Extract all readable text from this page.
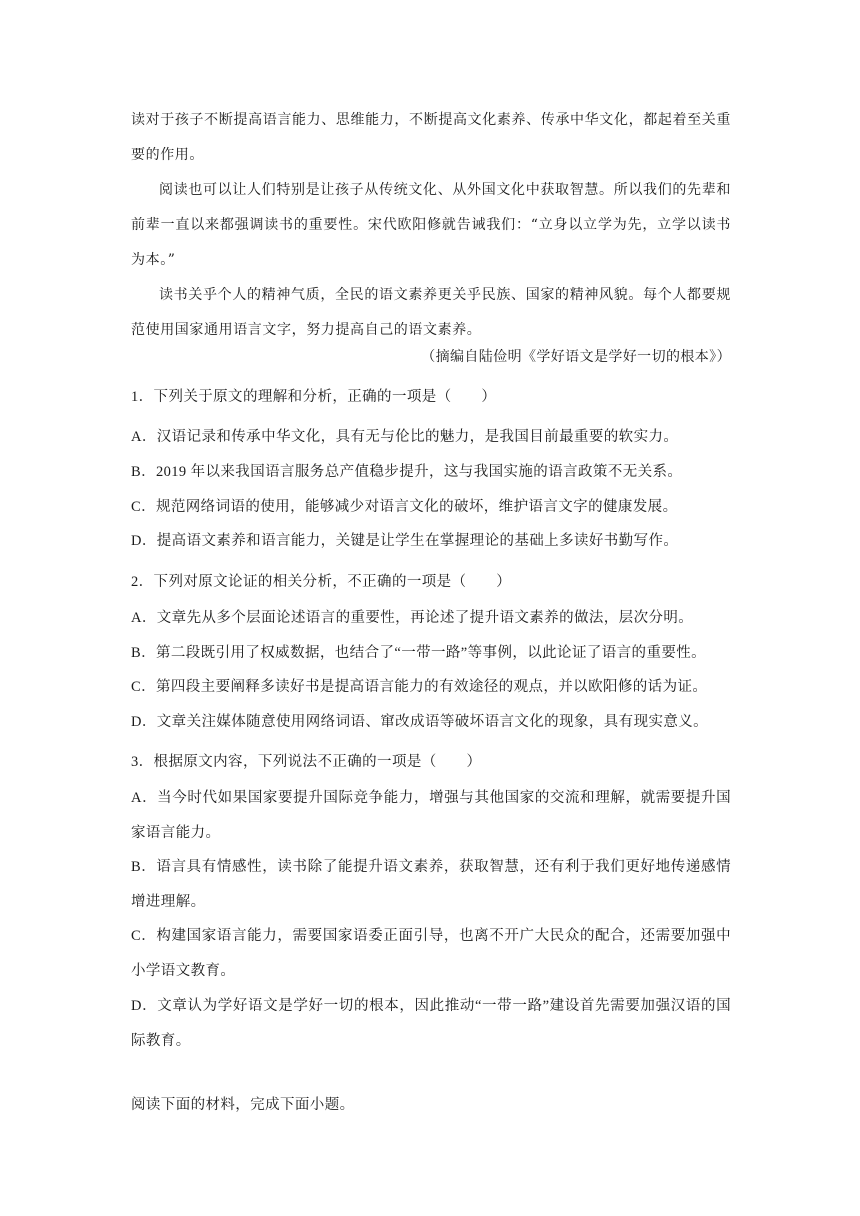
读对于孩子不断提高语言能力、思维能力，不断提高文化素养、传承中华文化，都起着至关重要的作用。

阅读也可以让人们特别是让孩子从传统文化、从外国文化中获取智慧。所以我们的先辈和前辈一直以来都强调读书的重要性。宋代欧阳修就告诫我们：“立身以立学为先，立学以读书为本。”

读书关乎个人的精神气质，全民的语文素养更关乎民族、国家的精神风貌。每个人都要规范使用国家通用语言文字，努力提高自己的语文素养。

（摘编自陆俭明《学好语文是学好一切的根本》）

1．下列关于原文的理解和分析，正确的一项是（　　）

A．汉语记录和传承中华文化，具有无与伦比的魅力，是我国目前最重要的软实力。

B．2019 年以来我国语言服务总产值稳步提升，这与我国实施的语言政策不无关系。

C．规范网络词语的使用，能够减少对语言文化的破坏，维护语言文字的健康发展。

D．提高语文素养和语言能力，关键是让学生在掌握理论的基础上多读好书勤写作。

2．下列对原文论证的相关分析，不正确的一项是（　　）

A．文章先从多个层面论述语言的重要性，再论述了提升语文素养的做法，层次分明。

B．第二段既引用了权威数据，也结合了“一带一路”等事例，以此论证了语言的重要性。

C．第四段主要阐释多读好书是提高语言能力的有效途径的观点，并以欧阳修的话为证。

D．文章关注媒体随意使用网络词语、窜改成语等破坏语言文化的现象，具有现实意义。

3．根据原文内容，下列说法不正确的一项是（　　）

A．当今时代如果国家要提升国际竞争能力，增强与其他国家的交流和理解，就需要提升国家语言能力。

B．语言具有情感性，读书除了能提升语文素养，获取智慧，还有利于我们更好地传递感情增进理解。

C．构建国家语言能力，需要国家语委正面引导，也离不开广大民众的配合，还需要加强中小学语文教育。

D．文章认为学好语文是学好一切的根本，因此推动“一带一路”建设首先需要加强汉语的国际教育。

阅读下面的材料，完成下面小题。
